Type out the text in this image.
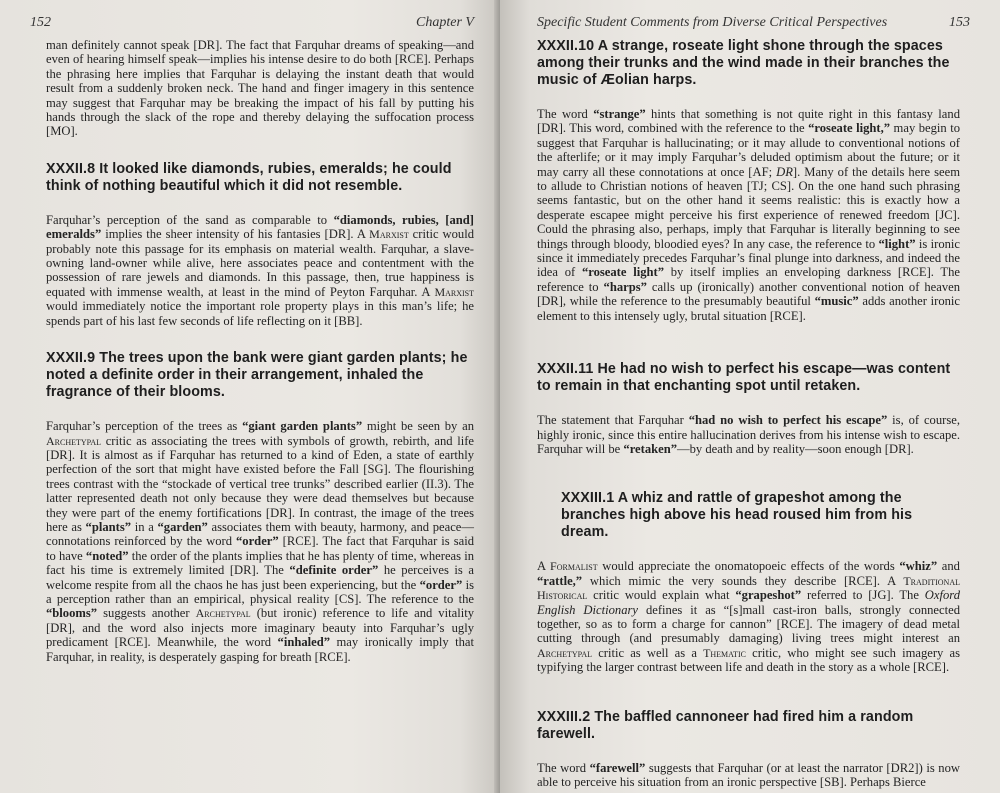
152	Chapter V

man definitely cannot speak [DR]. The fact that Farquhar dreams of speaking—and even of hearing himself speak—implies his intense desire to do both [RCE]. Perhaps the phrasing here implies that Farquhar is delaying the instant death that would result from a suddenly broken neck. The hand and finger imagery in this sentence may suggest that Farquhar may be breaking the impact of his fall by putting his hands through the slack of the rope and thereby delaying the suffocation process [MO].

XXXII.8 It looked like diamonds, rubies, emeralds; he could think of nothing beautiful which it did not resemble.

Farquhar’s perception of the sand as comparable to “diamonds, rubies, [and] emeralds” implies the sheer intensity of his fantasies [DR]. A Marxist critic would probably note this passage for its emphasis on material wealth. Farquhar, a slave-owning land-owner while alive, here associates peace and contentment with the possession of rare jewels and diamonds. In this passage, then, true happiness is equated with immense wealth, at least in the mind of Peyton Farquhar. A Marxist would immediately notice the important role property plays in this man’s life; he spends part of his last few seconds of life reflecting on it [BB].

XXXII.9 The trees upon the bank were giant garden plants; he noted a definite order in their arrangement, inhaled the fragrance of their blooms.

Farquhar’s perception of the trees as “giant garden plants” might be seen by an Archetypal critic as associating the trees with symbols of growth, rebirth, and life [DR]. It is almost as if Farquhar has returned to a kind of Eden, a state of earthly perfection of the sort that might have existed before the Fall [SG]. The flourishing trees contrast with the “stockade of vertical tree trunks” described earlier (II.3). The latter represented death not only because they were dead themselves but because they were part of the enemy fortifications [DR]. In contrast, the image of the trees here as “plants” in a “garden” associates them with beauty, harmony, and peace—connotations reinforced by the word “order” [RCE]. The fact that Farquhar is said to have “noted” the order of the plants implies that he has plenty of time, whereas in fact his time is extremely limited [DR]. The “definite order” he perceives is a welcome respite from all the chaos he has just been experiencing, but the “order” is a perception rather than an empirical, physical reality [CS]. The reference to the “blooms” suggests another Archetypal (but ironic) reference to life and vitality [DR], and the word also injects more imaginary beauty into Farquhar’s ugly predicament [RCE]. Meanwhile, the word “inhaled” may ironically imply that Farquhar, in reality, is desperately gasping for breath [RCE].

Specific Student Comments from Diverse Critical Perspectives	153
XXXII.10 A strange, roseate light shone through the spaces among their trunks and the wind made in their branches the music of Æolian harps.

The word “strange” hints that something is not quite right in this fantasy land [DR]. This word, combined with the reference to the “roseate light,” may begin to suggest that Farquhar is hallucinating; or it may allude to conventional notions of the afterlife; or it may imply Farquhar’s deluded optimism about the future; or it may carry all these connotations at once [AF; DR]. Many of the details here seem to allude to Christian notions of heaven [TJ; CS]. On the one hand such phrasing seems fantastic, but on the other hand it seems realistic: this is exactly how a desperate escapee might perceive his first experience of renewed freedom [JC]. Could the phrasing also, perhaps, imply that Farquhar is literally beginning to see things through bloody, bloodied eyes? In any case, the reference to “light” is ironic since it immediately precedes Farquhar’s final plunge into darkness, and indeed the idea of “roseate light” by itself implies an enveloping darkness [RCE]. The reference to “harps” calls up (ironically) another conventional notion of heaven [DR], while the reference to the presumably beautiful “music” adds another ironic element to this intensely ugly, brutal situation [RCE].

XXXII.11 He had no wish to perfect his escape—was content to remain in that enchanting spot until retaken.

The statement that Farquhar “had no wish to perfect his escape” is, of course, highly ironic, since this entire hallucination derives from his intense wish to escape. Farquhar will be “retaken”—by death and by reality—soon enough [DR].

XXXIII.1 A whiz and rattle of grapeshot among the branches high above his head roused him from his dream.

A Formalist would appreciate the onomatopoeic effects of the words “whiz” and “rattle,” which mimic the very sounds they describe [RCE]. A Traditional Historical critic would explain what “grapeshot” referred to [JG]. The Oxford English Dictionary defines it as “[s]mall cast-iron balls, strongly connected together, so as to form a charge for cannon” [RCE]. The imagery of dead metal cutting through (and presumably damaging) living trees might interest an Archetypal critic as well as a Thematic critic, who might see such imagery as typifying the larger contrast between life and death in the story as a whole [RCE].

XXXIII.2 The baffled cannoneer had fired him a random farewell.

The word “farewell” suggests that Farquhar (or at least the narrator [DR2]) is now able to perceive his situation from an ironic perspective [SB]. Perhaps Bierce
